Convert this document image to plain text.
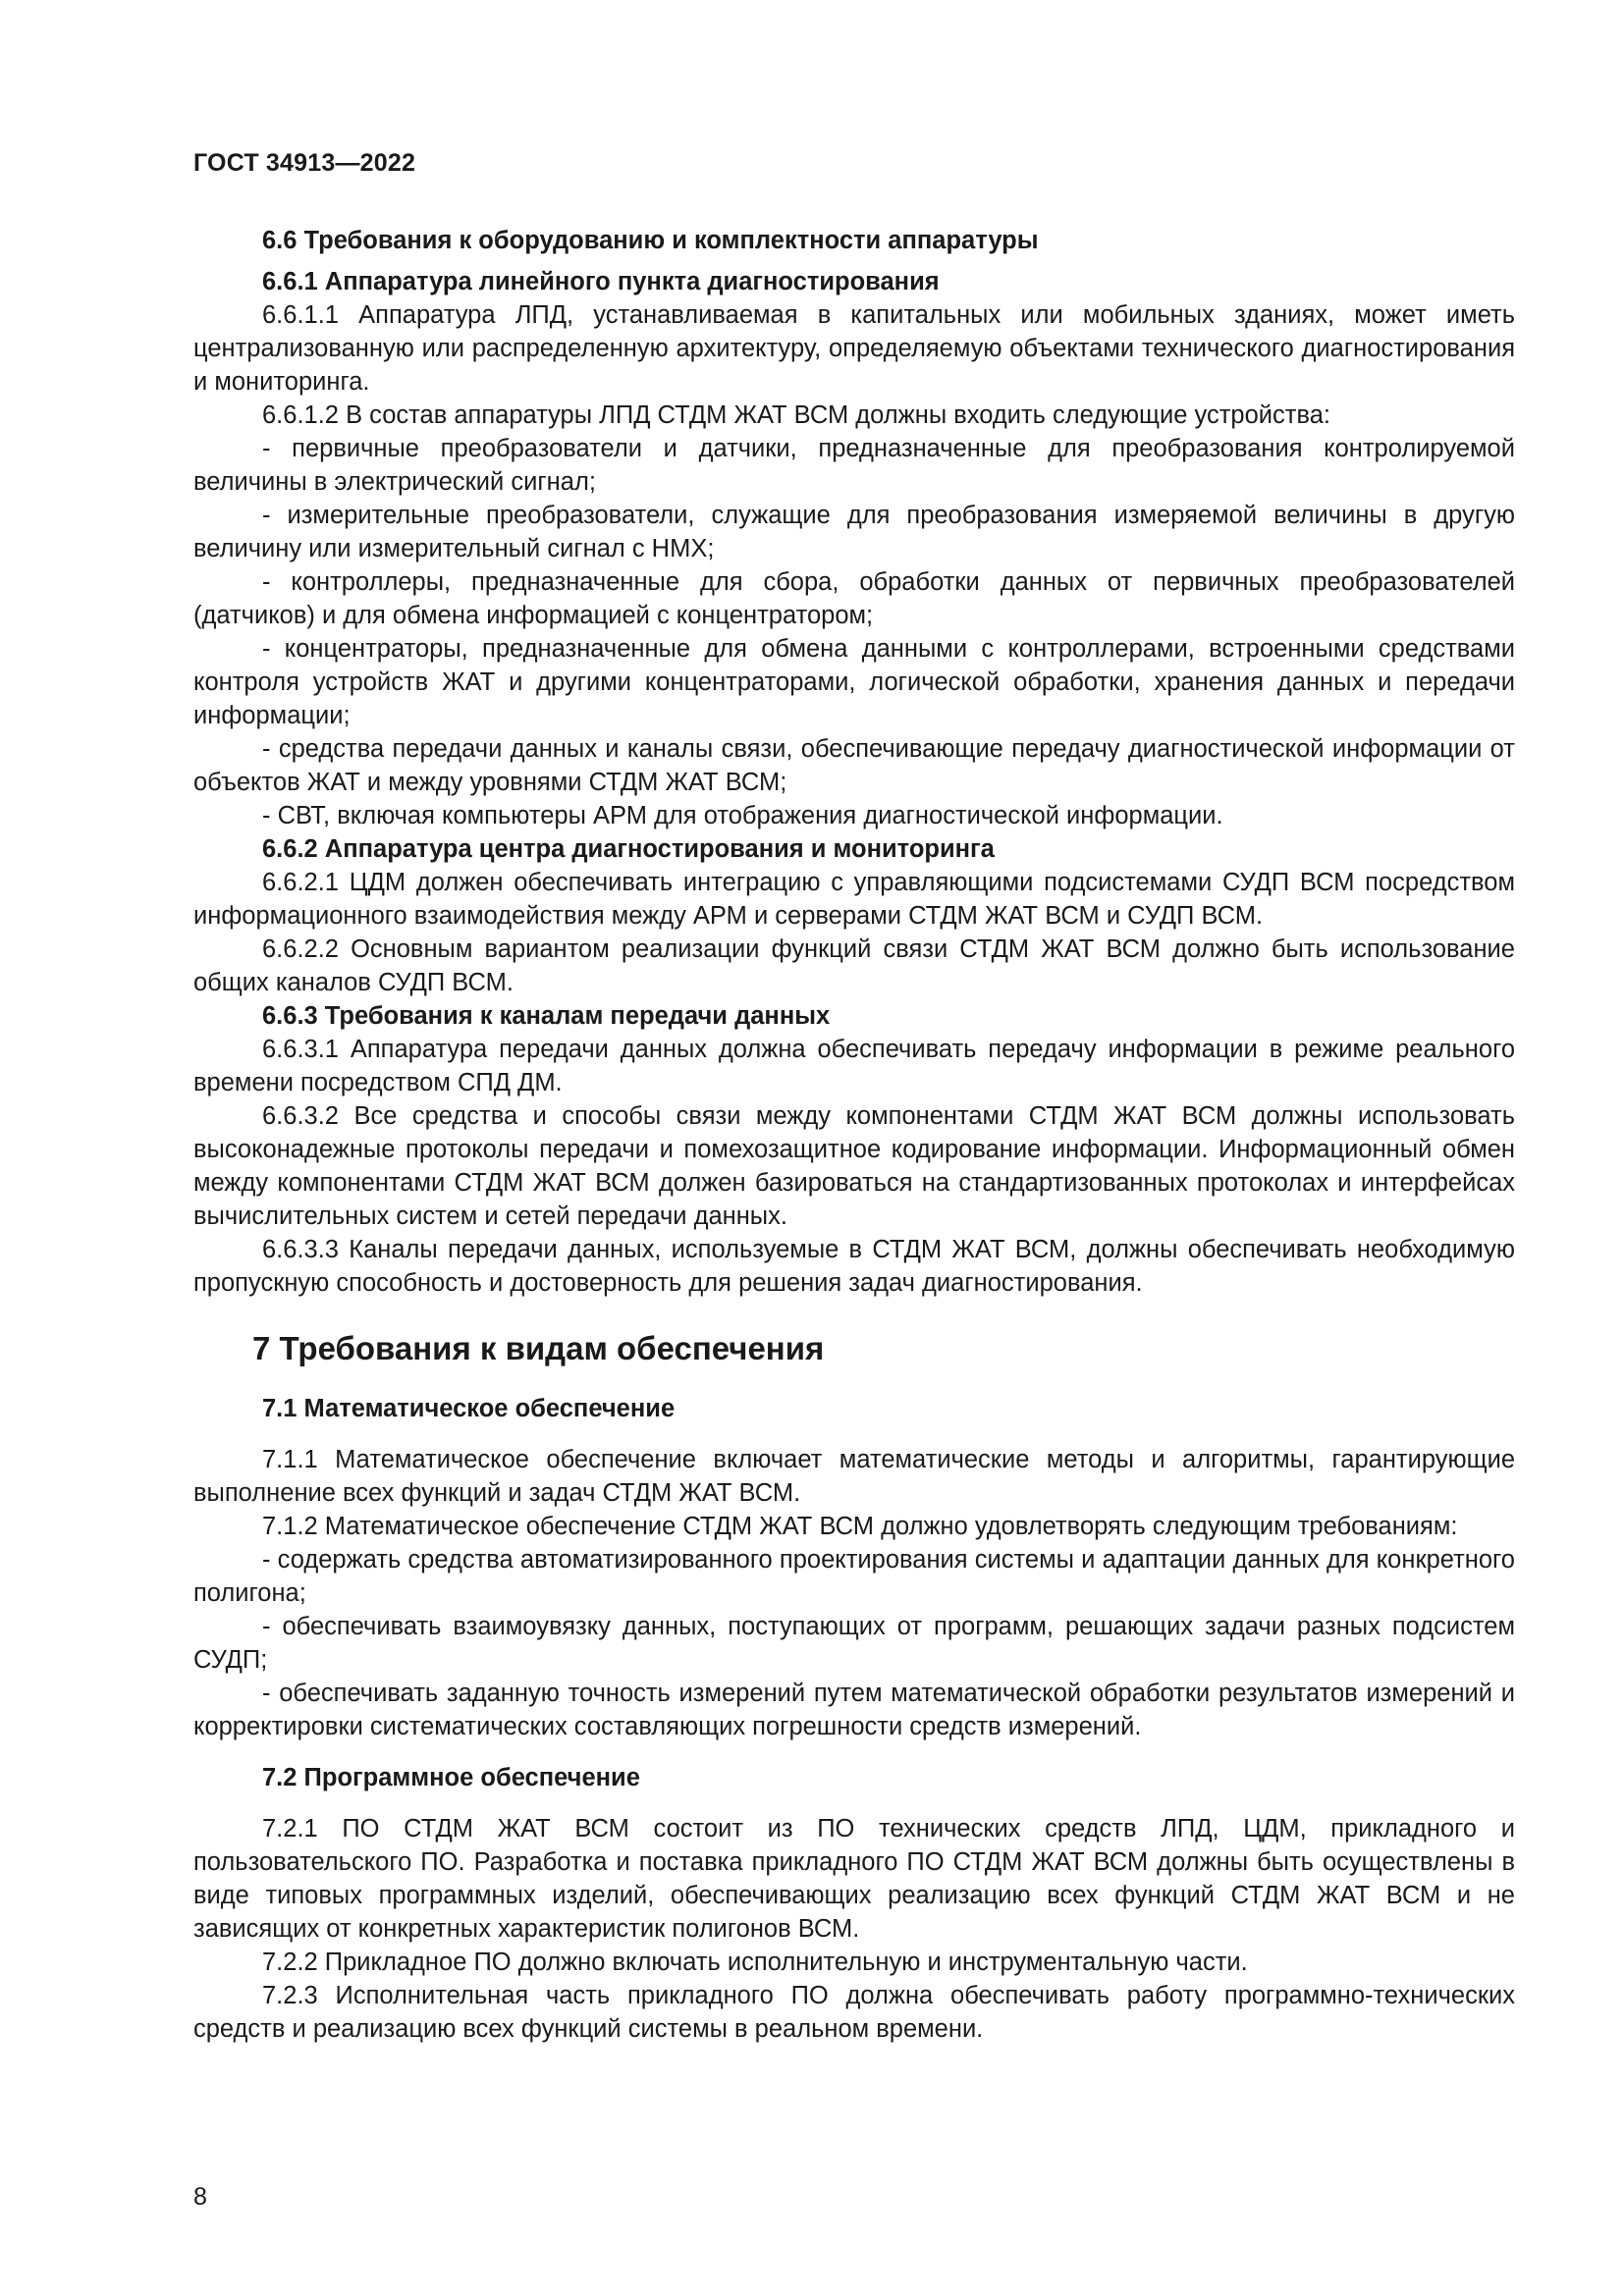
ГОСТ 34913—2022

6.6 Требования к оборудованию и комплектности аппаратуры

6.6.1 Аппаратура линейного пункта диагностирования

6.6.1.1 Аппаратура ЛПД, устанавливаемая в капитальных или мобильных зданиях, может иметь централизованную или распределенную архитектуру, определяемую объектами технического диагностирования и мониторинга.

6.6.1.2 В состав аппаратуры ЛПД СТДМ ЖАТ ВСМ должны входить следующие устройства:

- первичные преобразователи и датчики, предназначенные для преобразования контролируемой величины в электрический сигнал;

- измерительные преобразователи, служащие для преобразования измеряемой величины в другую величину или измерительный сигнал с НМХ;

- контроллеры, предназначенные для сбора, обработки данных от первичных преобразователей (датчиков) и для обмена информацией с концентратором;

- концентраторы, предназначенные для обмена данными с контроллерами, встроенными средствами контроля устройств ЖАТ и другими концентраторами, логической обработки, хранения данных и передачи информации;

- средства передачи данных и каналы связи, обеспечивающие передачу диагностической информации от объектов ЖАТ и между уровнями СТДМ ЖАТ ВСМ;

- СВТ, включая компьютеры АРМ для отображения диагностической информации.

6.6.2 Аппаратура центра диагностирования и мониторинга

6.6.2.1 ЦДМ должен обеспечивать интеграцию с управляющими подсистемами СУДП ВСМ посредством информационного взаимодействия между АРМ и серверами СТДМ ЖАТ ВСМ и СУДП ВСМ.

6.6.2.2 Основным вариантом реализации функций связи СТДМ ЖАТ ВСМ должно быть использование общих каналов СУДП ВСМ.

6.6.3 Требования к каналам передачи данных

6.6.3.1 Аппаратура передачи данных должна обеспечивать передачу информации в режиме реального времени посредством СПД ДМ.

6.6.3.2 Все средства и способы связи между компонентами СТДМ ЖАТ ВСМ должны использовать высоконадежные протоколы передачи и помехозащитное кодирование информации. Информационный обмен между компонентами СТДМ ЖАТ ВСМ должен базироваться на стандартизованных протоколах и интерфейсах вычислительных систем и сетей передачи данных.

6.6.3.3 Каналы передачи данных, используемые в СТДМ ЖАТ ВСМ, должны обеспечивать необходимую пропускную способность и достоверность для решения задач диагностирования.

7 Требования к видам обеспечения

7.1 Математическое обеспечение

7.1.1 Математическое обеспечение включает математические методы и алгоритмы, гарантирующие выполнение всех функций и задач СТДМ ЖАТ ВСМ.

7.1.2 Математическое обеспечение СТДМ ЖАТ ВСМ должно удовлетворять следующим требованиям:

- содержать средства автоматизированного проектирования системы и адаптации данных для конкретного полигона;

- обеспечивать взаимоувязку данных, поступающих от программ, решающих задачи разных подсистем СУДП;

- обеспечивать заданную точность измерений путем математической обработки результатов измерений и корректировки систематических составляющих погрешности средств измерений.

7.2 Программное обеспечение

7.2.1 ПО СТДМ ЖАТ ВСМ состоит из ПО технических средств ЛПД, ЦДМ, прикладного и пользовательского ПО. Разработка и поставка прикладного ПО СТДМ ЖАТ ВСМ должны быть осуществлены в виде типовых программных изделий, обеспечивающих реализацию всех функций СТДМ ЖАТ ВСМ и не зависящих от конкретных характеристик полигонов ВСМ.

7.2.2 Прикладное ПО должно включать исполнительную и инструментальную части.

7.2.3 Исполнительная часть прикладного ПО должна обеспечивать работу программно-технических средств и реализацию всех функций системы в реальном времени.

8
